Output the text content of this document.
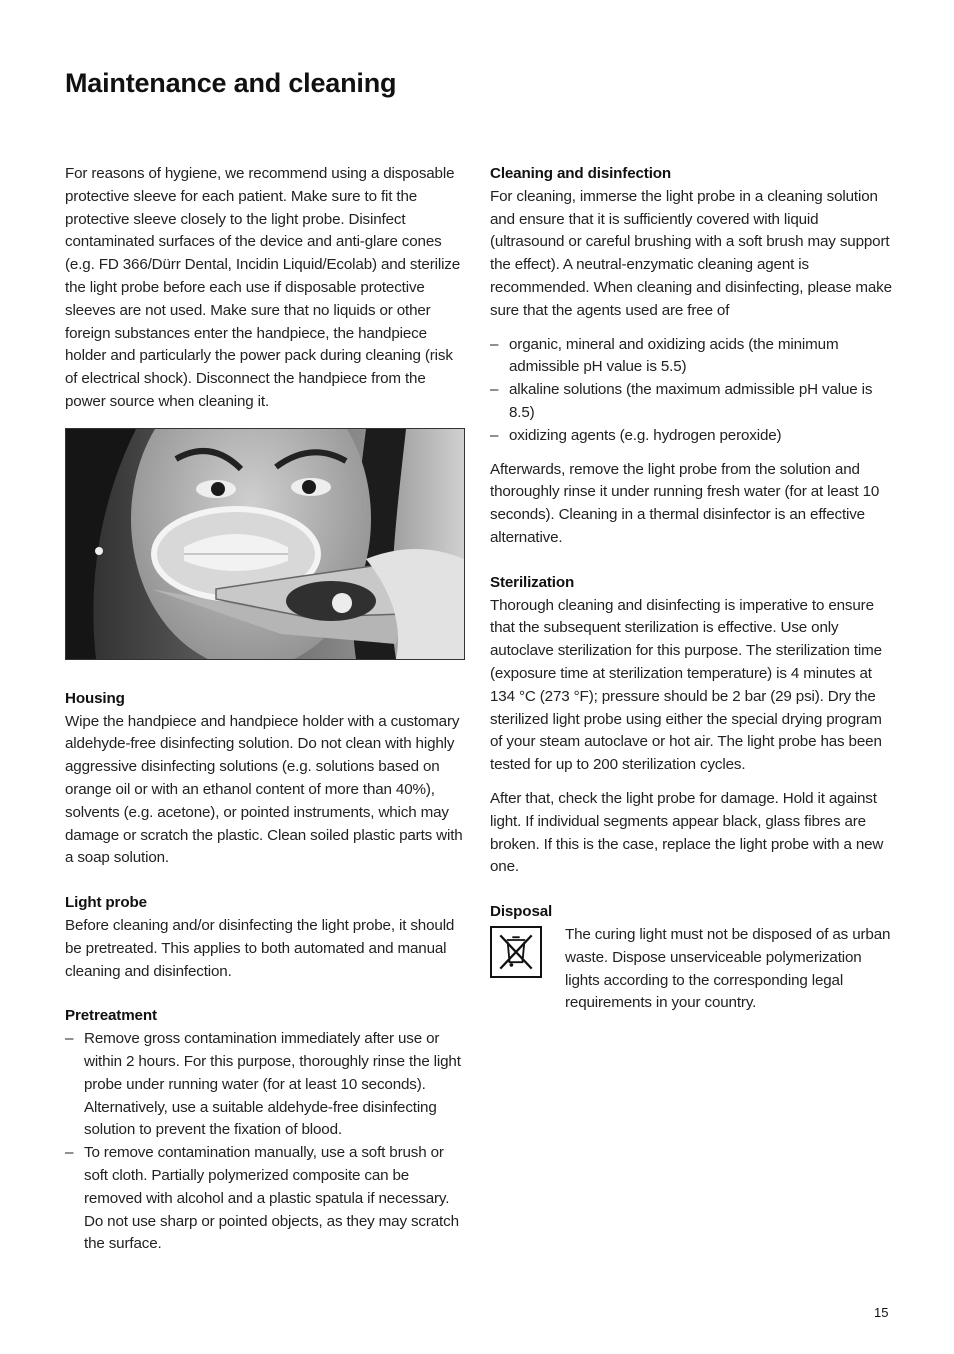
Maintenance and cleaning

For reasons of hygiene, we recommend using a disposable protective sleeve for each patient. Make sure to fit the protective sleeve closely to the light probe. Disinfect contaminated surfaces of the device and anti-glare cones (e.g. FD 366/Dürr Dental, Incidin Liquid/Ecolab) and sterilize the light probe before each use if disposable protective sleeves are not used. Make sure that no liquids or other foreign substances enter the handpiece, the handpiece holder and particularly the power pack during cleaning (risk of electrical shock). Disconnect the handpiece from the power source when cleaning it.

Housing

Wipe the handpiece and handpiece holder with a customary aldehyde-free disinfecting solution. Do not clean with highly aggressive disinfecting solutions (e.g. solutions based on orange oil or with an ethanol content of more than 40%), solvents (e.g. acetone), or pointed instruments, which may damage or scratch the plastic. Clean soiled plastic parts with a soap solution.

Light probe

Before cleaning and/or disinfecting the light probe, it should be pretreated. This applies to both automated and manual cleaning and disinfection.

Pretreatment

– Remove gross contamination immediately after use or within 2 hours. For this purpose, thoroughly rinse the light probe under running water (for at least 10 seconds). Alternatively, use a suitable aldehyde-free disinfecting solution to prevent the fixation of blood.
– To remove contamination manually, use a soft brush or soft cloth. Partially polymerized composite can be removed with alcohol and a plastic spatula if necessary. Do not use sharp or pointed objects, as they may scratch the surface.

Cleaning and disinfection

For cleaning, immerse the light probe in a cleaning solution and ensure that it is sufficiently covered with liquid (ultrasound or careful brushing with a soft brush may support the effect). A neutral-enzymatic cleaning agent is recommended. When cleaning and disinfecting, please make sure that the agents used are free of

– organic, mineral and oxidizing acids (the minimum admissible pH value is 5.5)
– alkaline solutions (the maximum admissible pH value is 8.5)
– oxidizing agents (e.g. hydrogen peroxide)

Afterwards, remove the light probe from the solution and thoroughly rinse it under running fresh water (for at least 10 seconds). Cleaning in a thermal disinfector is an effective alternative.

Sterilization

Thorough cleaning and disinfecting is imperative to ensure that the subsequent sterilization is effective. Use only autoclave sterilization for this purpose. The sterilization time (exposure time at sterilization temperature) is 4 minutes at 134 °C (273 °F); pressure should be 2 bar (29 psi). Dry the sterilized light probe using either the special drying program of your steam autoclave or hot air. The light probe has been tested for up to 200 sterilization cycles.

After that, check the light probe for damage. Hold it against light. If individual segments appear black, glass fibres are broken. If this is the case, replace the light probe with a new one.

Disposal

The curing light must not be disposed of as urban waste. Dispose unserviceable polymerization lights according to the corresponding legal requirements in your country.

15
